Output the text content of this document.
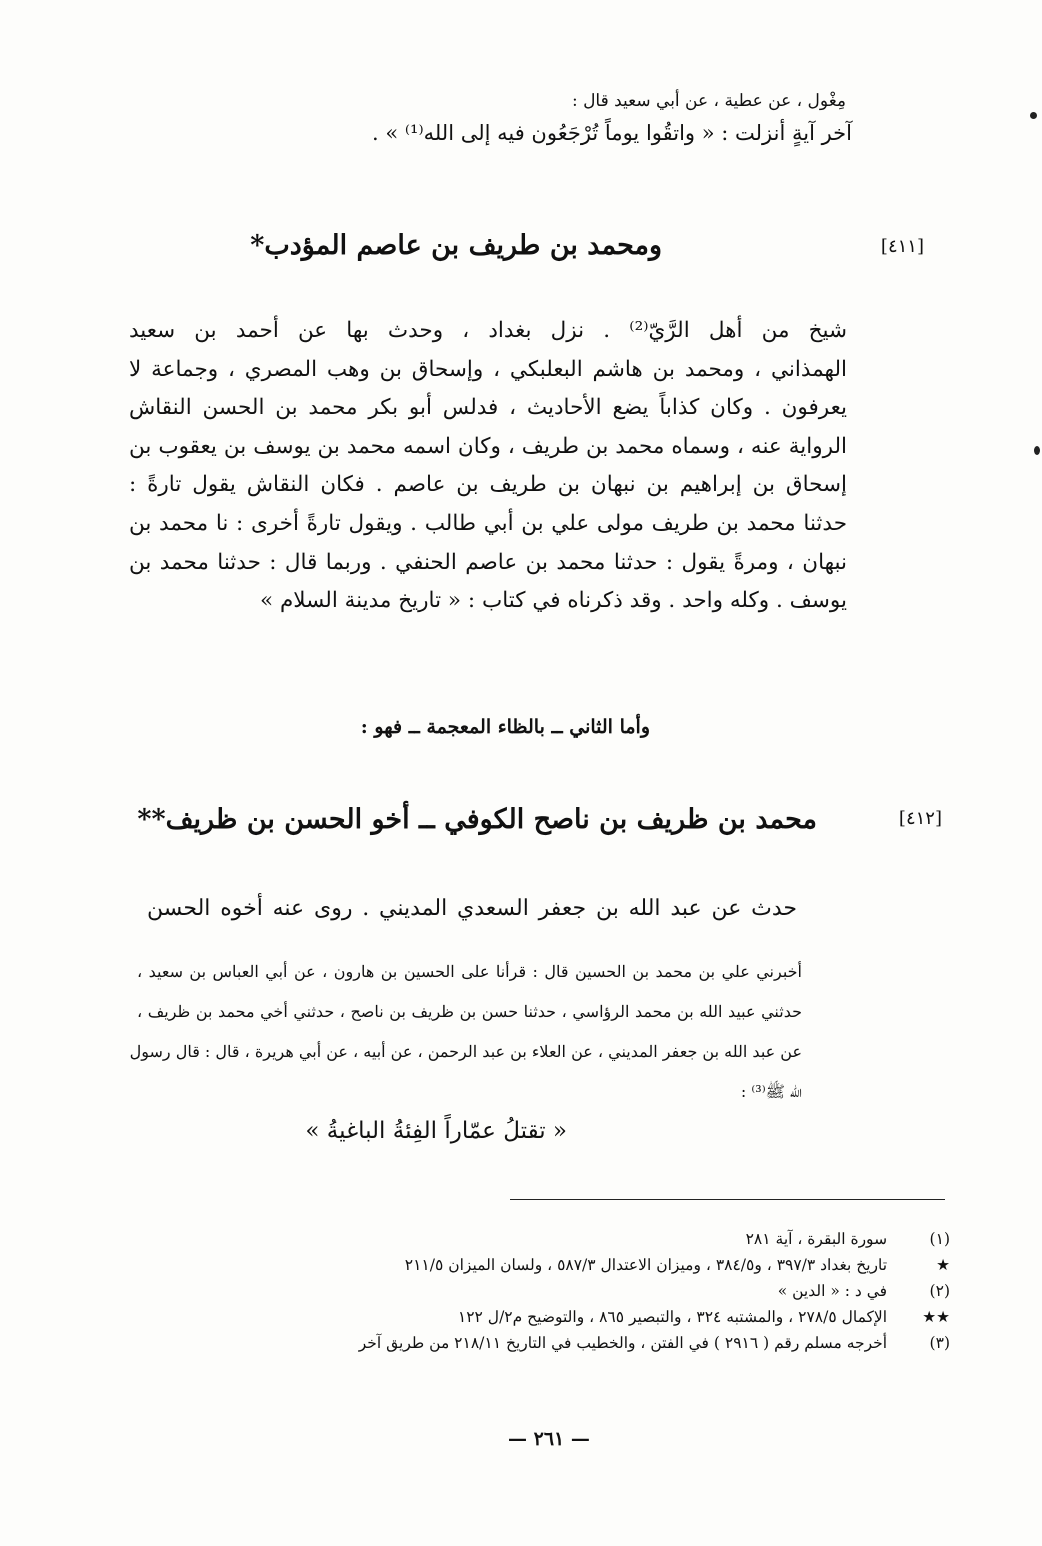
مِغْول ، عن عطية ، عن أبي سعيد قال :
آخر آيةٍ أنزلت : « واتقُوا يوماً تُرْجَعُون فيه إلى الله⁽¹⁾ » .
[٤١١]
ومحمد بن طريف بن عاصم المؤدب*
شيخ من أهل الرَّيّ⁽²⁾ . نزل بغداد ، وحدث بها عن أحمد بن سعيد
الهمذاني ، ومحمد بن هاشم البعلبكي ، وإسحاق بن وهب المصري ، وجماعة لا
يعرفون . وكان كذاباً يضع الأحاديث ، فدلس أبو بكر محمد بن الحسن النقاش
الرواية عنه ، وسماه محمد بن طريف ، وكان اسمه محمد بن يوسف بن يعقوب بن
إسحاق بن إبراهيم بن نبهان بن طريف بن عاصم . فكان النقاش يقول تارةً :
حدثنا محمد بن طريف مولى علي بن أبي طالب . ويقول تارةً أخرى : نا محمد بن
نبهان ، ومرةً يقول : حدثنا محمد بن عاصم الحنفي . وربما قال : حدثنا محمد بن
يوسف . وكله واحد . وقد ذكرناه في كتاب : « تاريخ مدينة السلام »
وأما الثاني ــ بالظاء المعجمة ــ فهو :
[٤١٢]
محمد بن ظريف بن ناصح الكوفي ــ أخو الحسن بن ظريف**
حدث عن عبد الله بن جعفر السعدي المديني . روى عنه أخوه الحسن
أخبرني علي بن محمد بن الحسين قال : قرأنا على الحسين بن هارون ، عن أبي العباس بن سعيد ،
حدثني عبيد الله بن محمد الرؤاسي ، حدثنا حسن بن ظريف بن ناصح ، حدثني أخي محمد بن ظريف ،
عن عبد الله بن جعفر المديني ، عن العلاء بن عبد الرحمن ، عن أبيه ، عن أبي هريرة ، قال : قال رسول
الله ﷺ⁽³⁾ :
« تقتلُ عمّاراً الفِئةُ الباغيةُ »
(١) سورة البقرة ، آية ٢٨١
★ تاريخ بغداد ٣٩٧/٣ ، و٣٨٤/٥ ، وميزان الاعتدال ٥٨٧/٣ ، ولسان الميزان ٢١١/٥
(٢) في د : « الدين »
★★ الإكمال ٢٧٨/٥ ، والمشتبه ٣٢٤ ، والتبصير ٨٦٥ ، والتوضيح م٢/ل ١٢٢
(٣) أخرجه مسلم رقم ( ٢٩١٦ ) في الفتن ، والخطيب في التاريخ ٢١٨/١١ من طريق آخر
— ٢٦١ —
